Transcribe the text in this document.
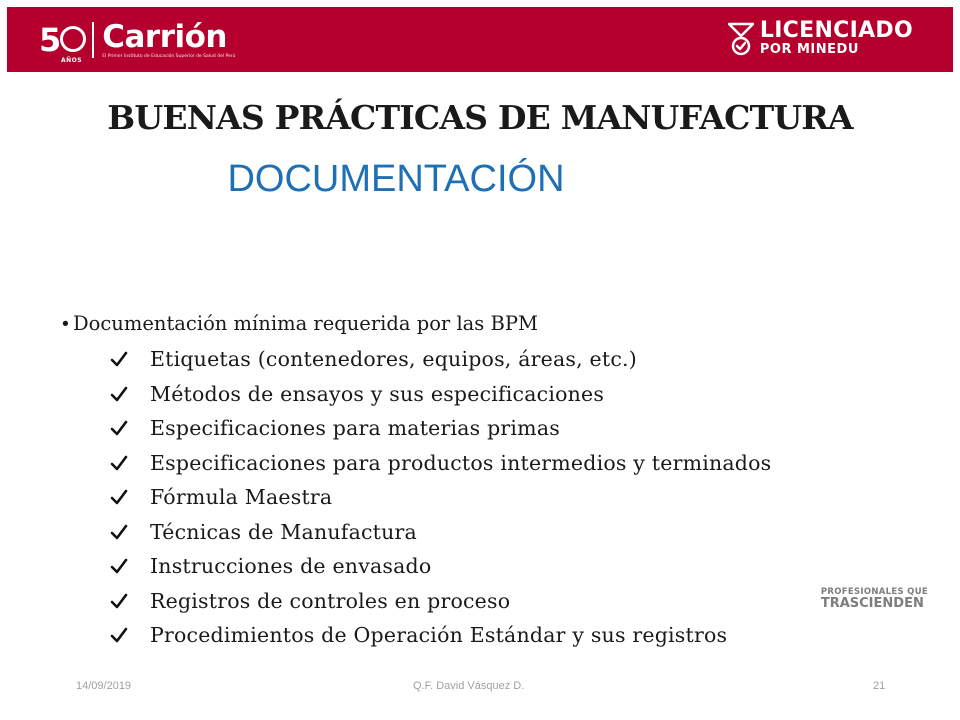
5
AÑOS
Carrión
El Primer Instituto de Educación Superior de Salud del Perú
LICENCIADO
POR MINEDU
BUENAS PRÁCTICAS DE MANUFACTURA
DOCUMENTACIÓN
• Documentación mínima requerida por las BPM
Etiquetas (contenedores, equipos, áreas, etc.)
Métodos de ensayos y sus especificaciones
Especificaciones para materias primas
Especificaciones para productos intermedios y terminados
Fórmula Maestra
Técnicas de Manufactura
Instrucciones de envasado
Registros de controles en proceso
Procedimientos de Operación Estándar y sus registros
PROFESIONALES QUE
TRASCIENDEN
14/09/2019	Q.F. David Vásquez D.	21
